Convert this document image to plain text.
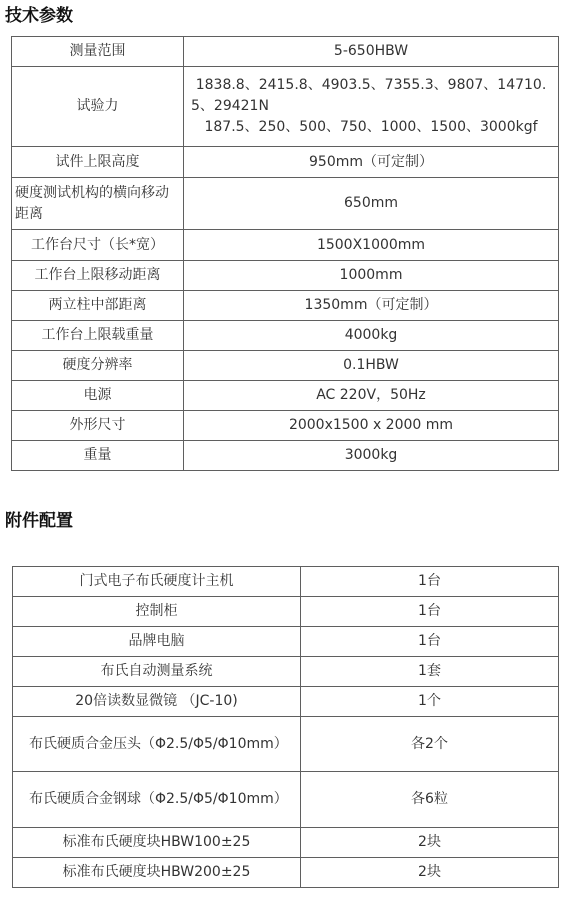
技术参数
测量范围	5-650HBW
试验力	1838.8、2415.8、4903.5、7355.3、9807、14710.
5、29421N
187.5、250、500、750、1000、1500、3000kgf

试件上限高度	950mm（可定制）
硬度测试机构的横向移动距离	650mm
工作台尺寸（长*宽）	1500X1000mm
工作台上限移动距离	1000mm
两立柱中部距离	1350mm（可定制）
工作台上限载重量	4000kg
硬度分辨率	0.1HBW
电源	AC 220V，50Hz
外形尺寸	2000x1500 x 2000 mm
重量	3000kg
附件配置
门式电子布氏硬度计主机	1台
控制柜	1台
品牌电脑	1台
布氏自动测量系统	1套
20倍读数显微镜 （JC-10)	1个
布氏硬质合金压头（Φ2.5/Φ5/Φ10mm）	各2个
布氏硬质合金钢球（Φ2.5/Φ5/Φ10mm）	各6粒
标准布氏硬度块HBW100±25	2块
标准布氏硬度块HBW200±25	2块
